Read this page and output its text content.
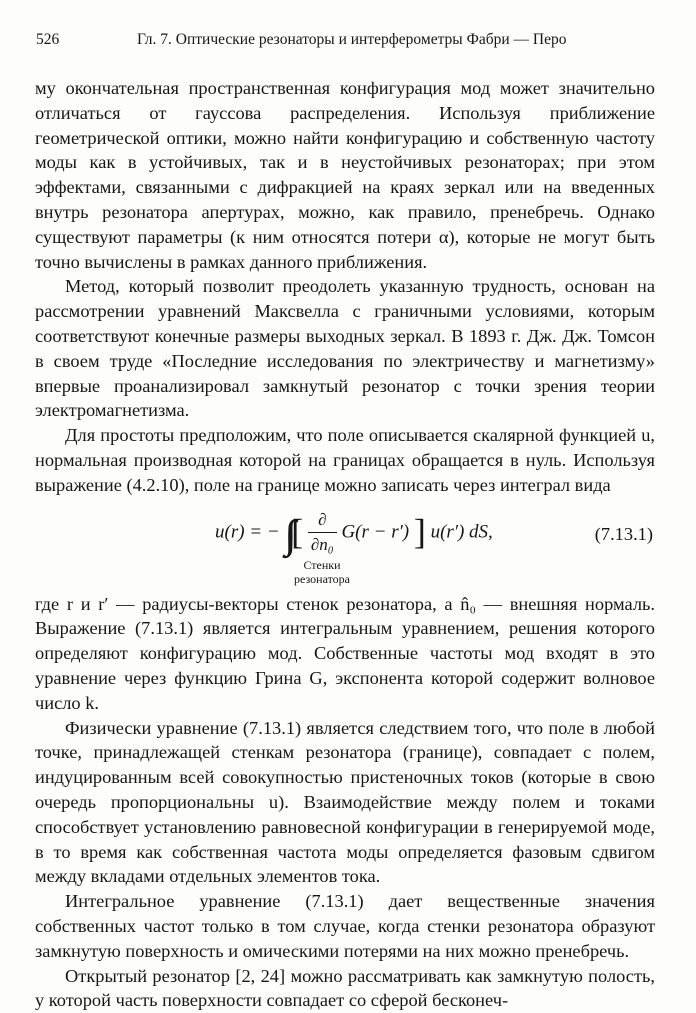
526	Гл. 7. Оптические резонаторы и интерферометры Фабри — Перо

му окончательная пространственная конфигурация мод может значительно отличаться от гауссова распределения. Используя приближение геометрической оптики, можно найти конфигурацию и собственную частоту моды как в устойчивых, так и в неустойчивых резонаторах; при этом эффектами, связанными с дифракцией на краях зеркал или на введенных внутрь резонатора апертурах, можно, как правило, пренебречь. Однако существуют параметры (к ним относятся потери α), которые не могут быть точно вычислены в рамках данного приближения.

Метод, который позволит преодолеть указанную трудность, основан на рассмотрении уравнений Максвелла с граничными условиями, которым соответствуют конечные размеры выходных зеркал. В 1893 г. Дж. Дж. Томсон в своем труде «Последние исследования по электричеству и магнетизму» впервые проанализировал замкнутый резонатор с точки зрения теории электромагнетизма.

Для простоты предположим, что поле описывается скалярной функцией u, нормальная производная которой на границах обращается в нуль. Используя выражение (4.2.10), поле на границе можно записать через интеграл вида

u(r) = − ∫∫ [ $\frac{\partial}{\text{∂n₀}} G(r - r')$ ] u(r′) dS,
Стенки
резонатора
(7.13.1)

где r и r′ — радиусы-векторы стенок резонатора, а n̂₀ — внешняя нормаль. Выражение (7.13.1) является интегральным уравнением, решения которого определяют конфигурацию мод. Собственные частоты мод входят в это уравнение через функцию Грина G, экспонента которой содержит волновое число k.

Физически уравнение (7.13.1) является следствием того, что поле в любой точке, принадлежащей стенкам резонатора (границе), совпадает с полем, индуцированным всей совокупностью пристеночных токов (которые в свою очередь пропорциональны u). Взаимодействие между полем и токами способствует установлению равновесной конфигурации в генерируемой моде, в то время как собственная частота моды определяется фазовым сдвигом между вкладами отдельных элементов тока.

Интегральное уравнение (7.13.1) дает вещественные значения собственных частот только в том случае, когда стенки резонатора образуют замкнутую поверхность и омическими потерями на них можно пренебречь.

Открытый резонатор [2, 24] можно рассматривать как замкнутую полость, у которой часть поверхности совпадает со сферой бесконеч-
